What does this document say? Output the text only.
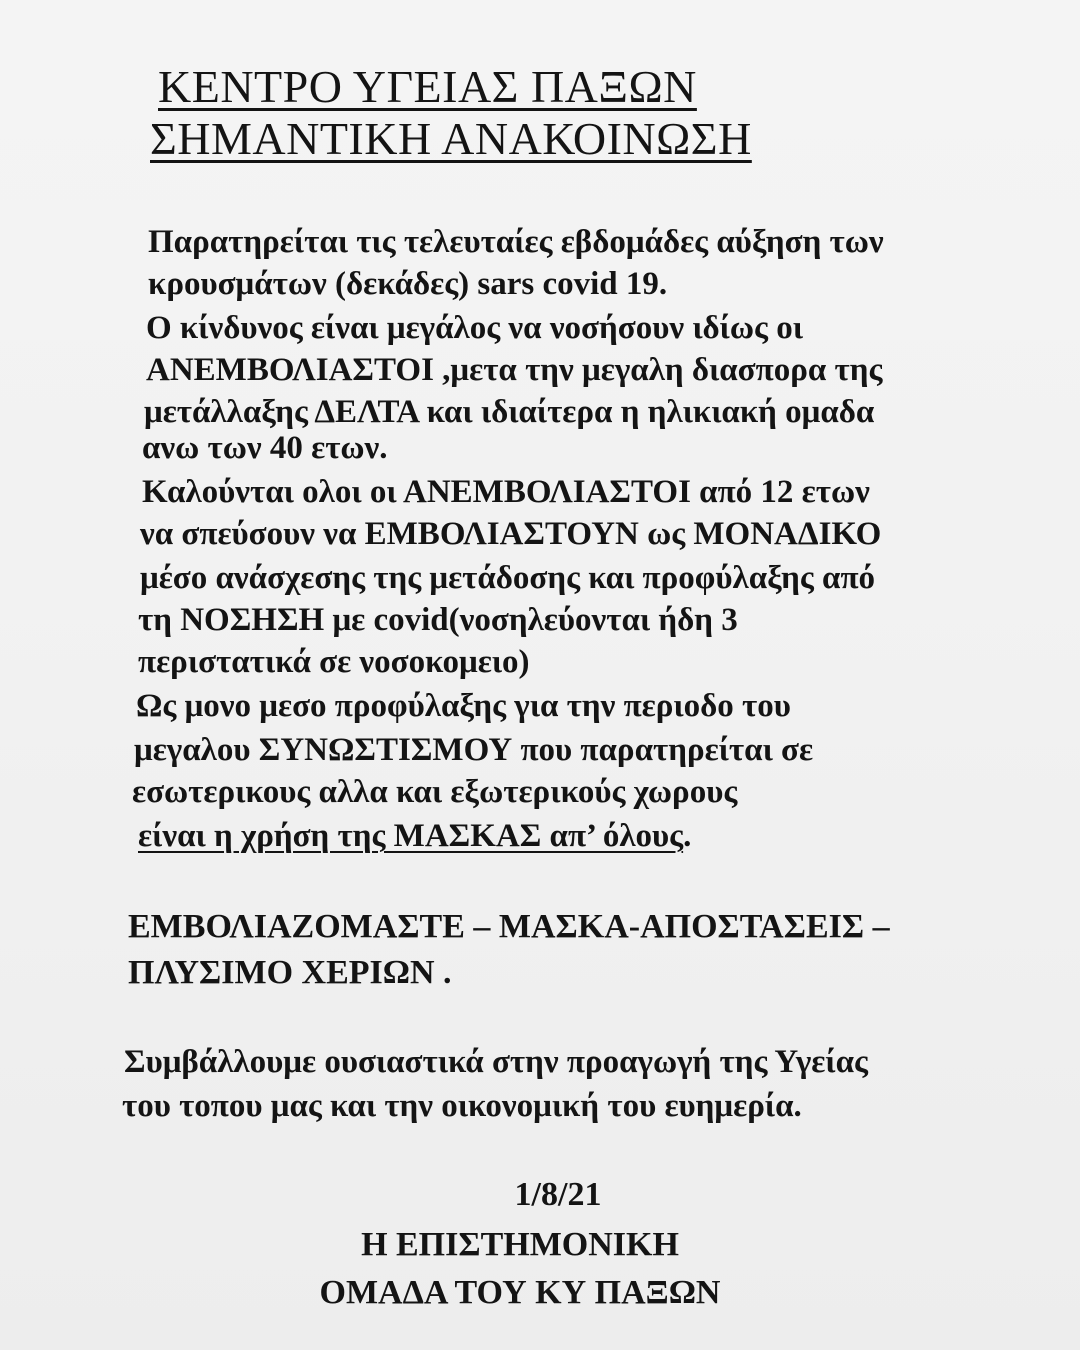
ΚΕΝΤΡΟ ΥΓΕΙΑΣ ΠΑΞΩΝ
ΣΗΜΑΝΤΙΚΗ ΑΝΑΚΟΙΝΩΣΗ
Παρατηρείται τις τελευταίες εβδομάδες αύξηση των
κρουσμάτων (δεκάδες) sars covid 19.
Ο κίνδυνος είναι μεγάλος να νοσήσουν ιδίως οι
ΑΝΕΜΒΟΛΙΑΣΤΟΙ ,μετα την μεγαλη διασπορα της
μετάλλαξης ΔΕΛΤΑ και ιδιαίτερα η ηλικιακή ομαδα
ανω των 40 ετων.
Καλούνται ολοι οι ΑΝΕΜΒΟΛΙΑΣΤΟΙ από 12 ετων
να σπεύσουν να ΕΜΒΟΛΙΑΣΤΟΥΝ ως ΜΟΝΑΔΙΚΟ
μέσο ανάσχεσης της μετάδοσης και προφύλαξης από
τη ΝΟΣΗΣΗ με covid(νοσηλεύονται ήδη 3
περιστατικά σε νοσοκομειο)
Ως μονο μεσο προφύλαξης για την περιοδο του
μεγαλου ΣΥΝΩΣΤΙΣΜΟΥ που παρατηρείται σε
εσωτερικους αλλα και εξωτερικούς χωρους
είναι η χρήση της ΜΑΣΚΑΣ απ’ όλους.
ΕΜΒΟΛΙΑΖΟΜΑΣΤΕ – ΜΑΣΚΑ-ΑΠΟΣΤΑΣΕΙΣ –
ΠΛΥΣΙΜΟ ΧΕΡΙΩΝ .
Συμβάλλουμε ουσιαστικά στην προαγωγή της Υγείας
του τοπου μας και την οικονομική του ευημερία.
1/8/21
Η ΕΠΙΣΤΗΜΟΝΙΚΗ
ΟΜΑΔΑ ΤΟΥ ΚΥ ΠΑΞΩΝ
